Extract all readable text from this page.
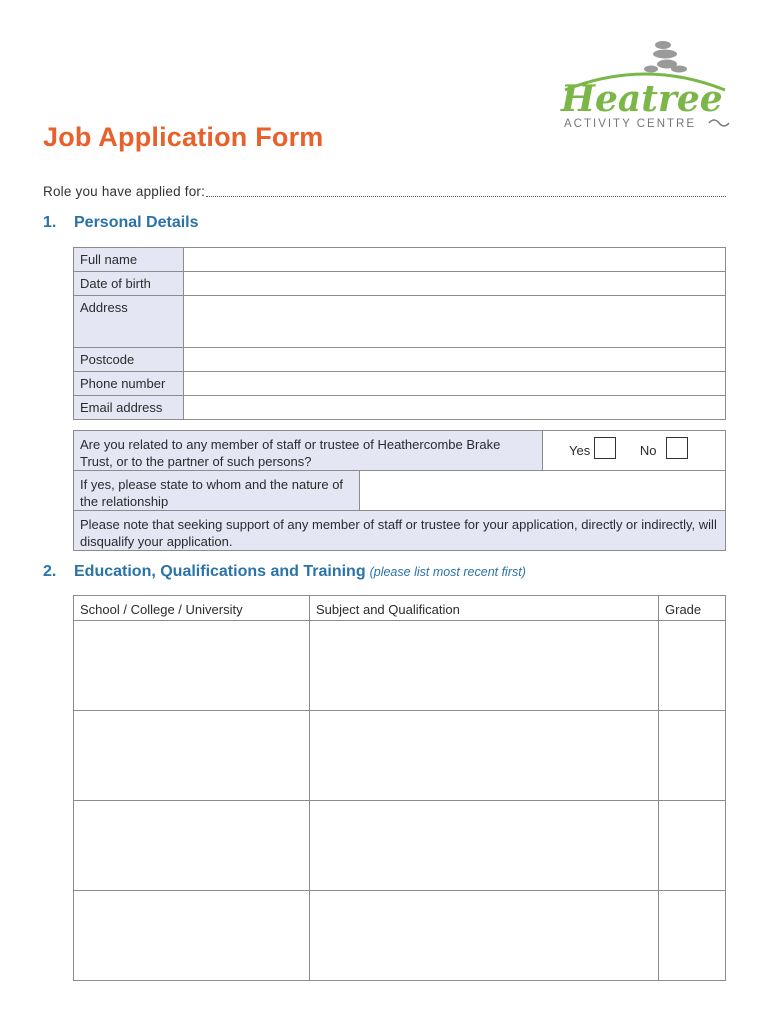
Heatree
ACTIVITY CENTRE
Job Application Form
Role you have applied for:
1. Personal Details
Full name	
Date of birth	
Address	
Postcode	
Phone number	
Email address	
Are you related to any member of staff or trustee of Heathercombe Brake Trust, or to the partner of such persons?		Yes No
If yes, please state to whom and the nature of the relationship		
Please note that seeking support of any member of staff or trustee for your application, directly or indirectly, will disqualify your application.		
2. Education, Qualifications and Training (please list most recent first)
School / College / University	Subject and Qualification	Grade
